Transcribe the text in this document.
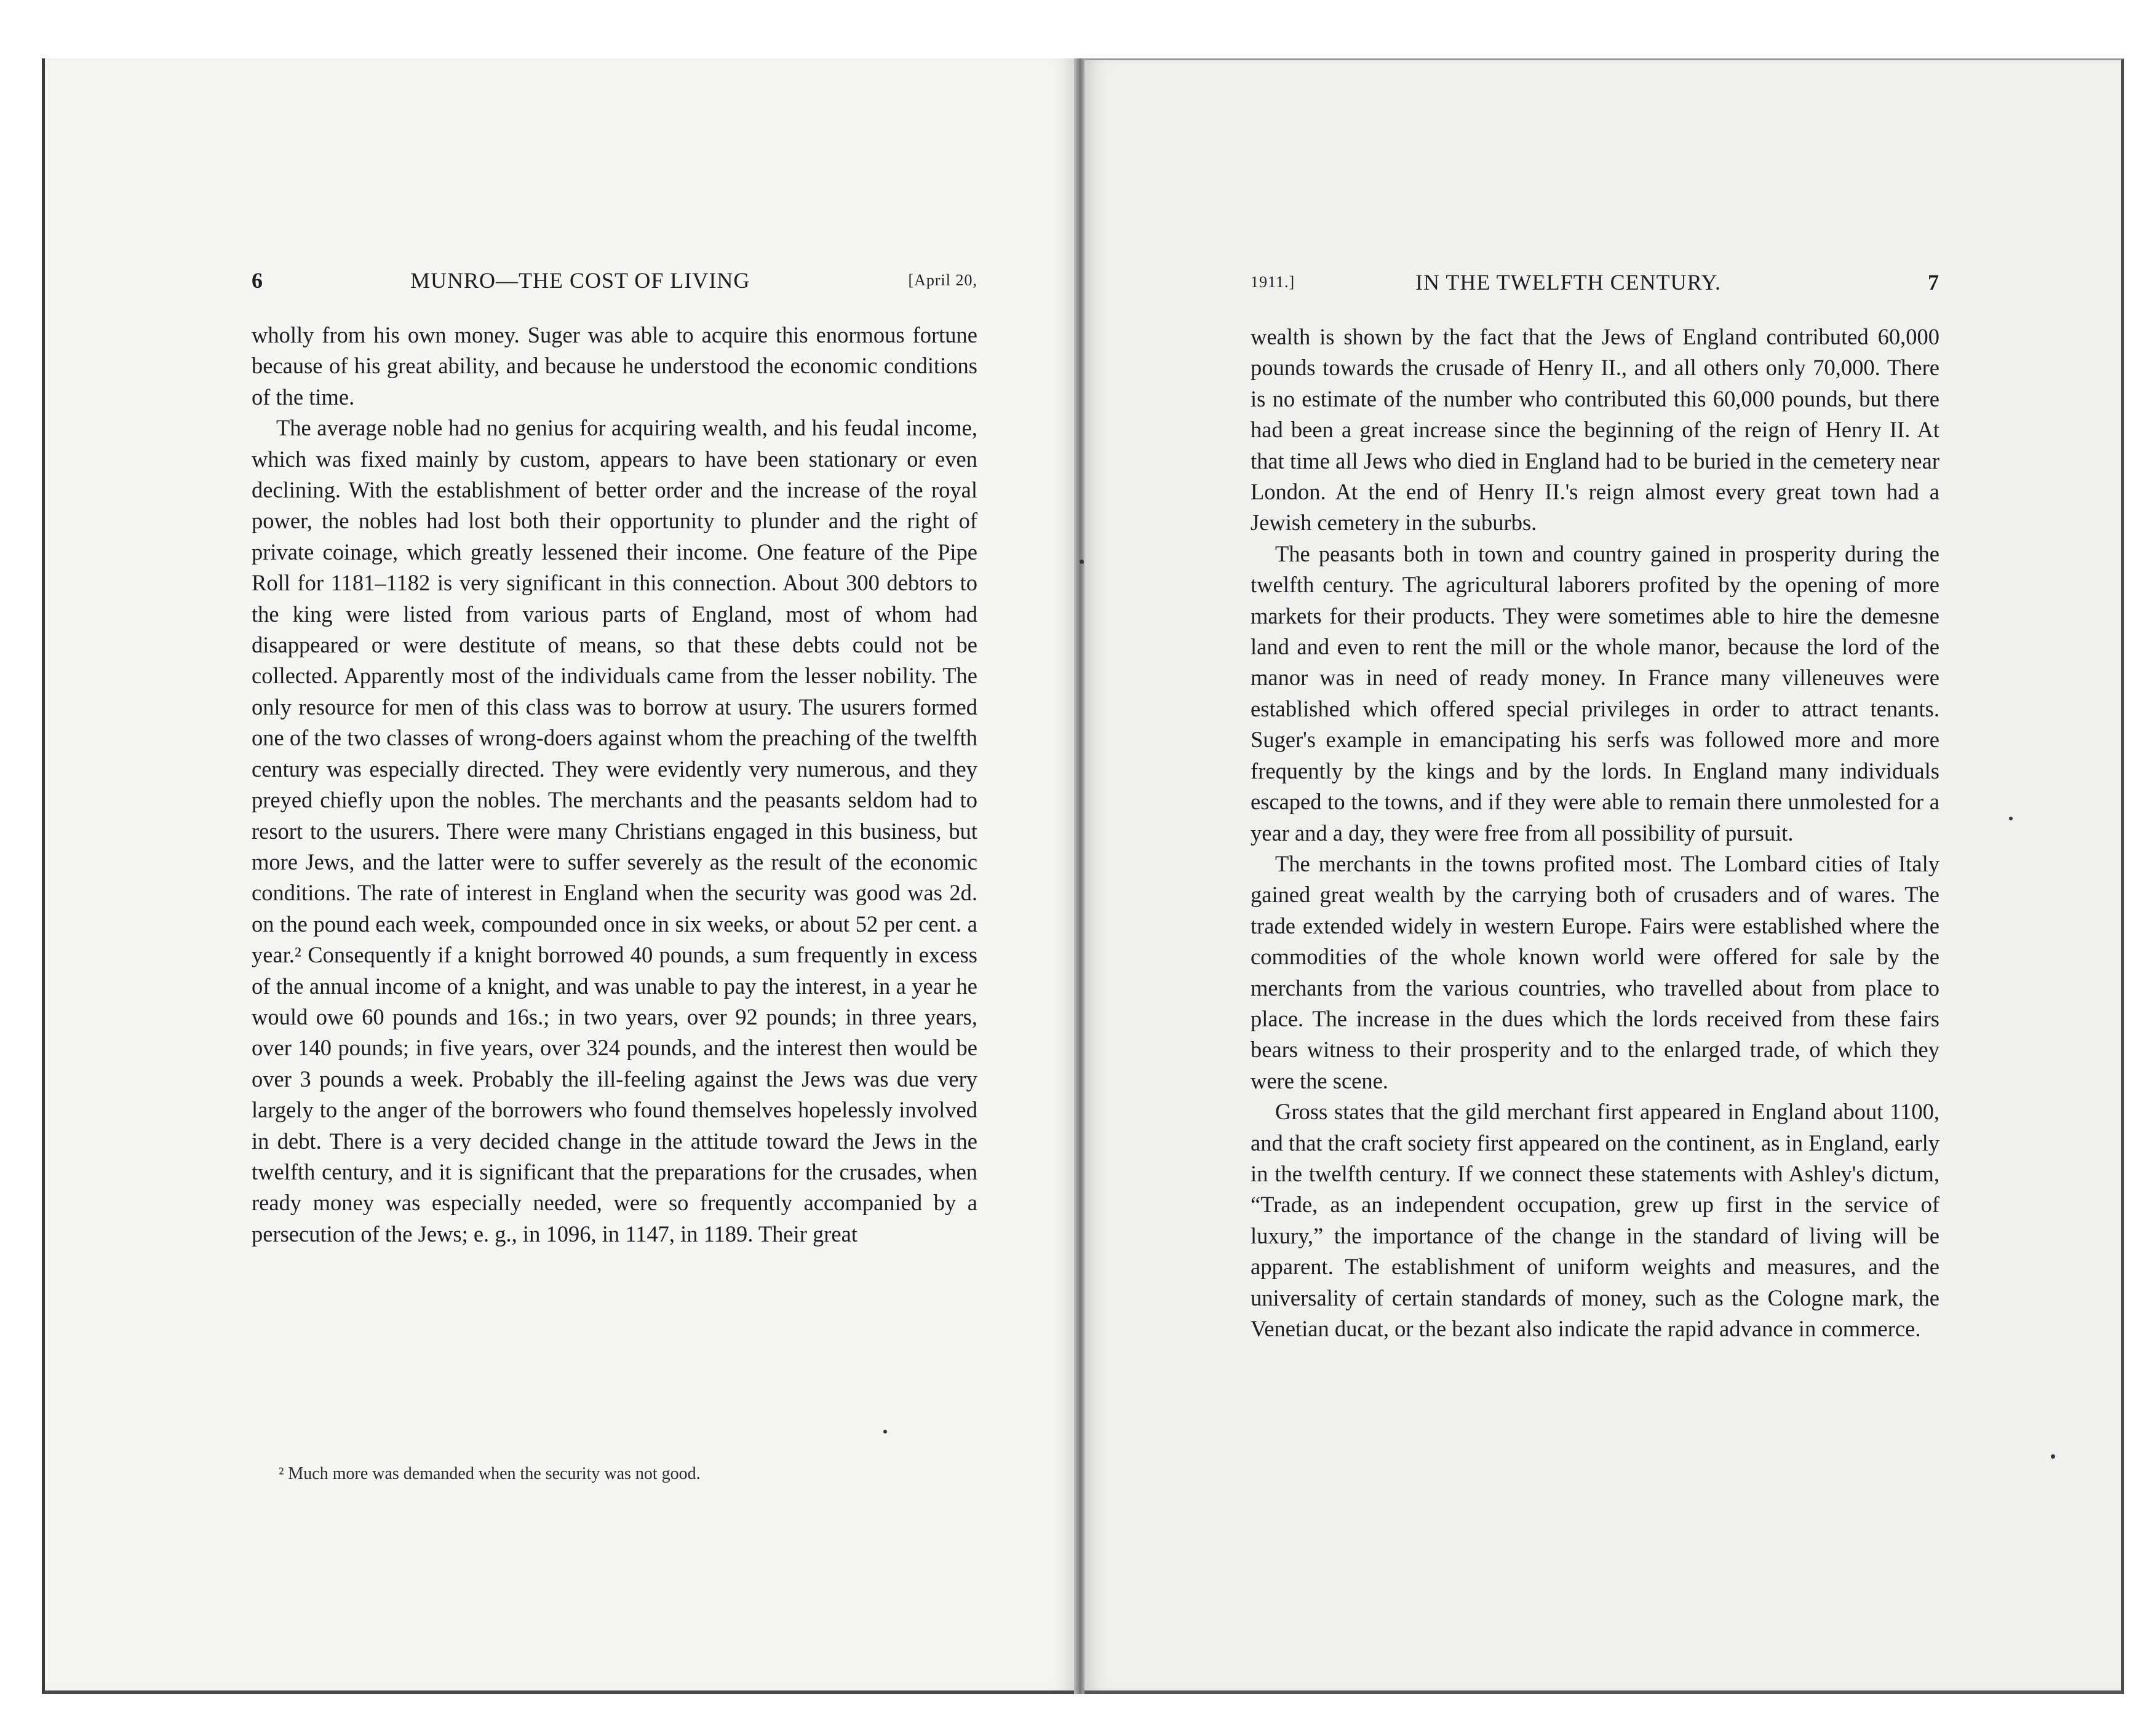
6	MUNRO—THE COST OF LIVING	[April 20,

wholly from his own money. Suger was able to acquire this enormous fortune because of his great ability, and because he understood the economic conditions of the time.

The average noble had no genius for acquiring wealth, and his feudal income, which was fixed mainly by custom, appears to have been stationary or even declining. With the establishment of better order and the increase of the royal power, the nobles had lost both their opportunity to plunder and the right of private coinage, which greatly lessened their income. One feature of the Pipe Roll for 1181–1182 is very significant in this connection. About 300 debtors to the king were listed from various parts of England, most of whom had disappeared or were destitute of means, so that these debts could not be collected. Apparently most of the individuals came from the lesser nobility. The only resource for men of this class was to borrow at usury. The usurers formed one of the two classes of wrong-doers against whom the preaching of the twelfth century was especially directed. They were evidently very numerous, and they preyed chiefly upon the nobles. The merchants and the peasants seldom had to resort to the usurers. There were many Christians engaged in this business, but more Jews, and the latter were to suffer severely as the result of the economic conditions. The rate of interest in England when the security was good was 2d. on the pound each week, compounded once in six weeks, or about 52 per cent. a year.² Consequently if a knight borrowed 40 pounds, a sum frequently in excess of the annual income of a knight, and was unable to pay the interest, in a year he would owe 60 pounds and 16s.; in two years, over 92 pounds; in three years, over 140 pounds; in five years, over 324 pounds, and the interest then would be over 3 pounds a week. Probably the ill-feeling against the Jews was due very largely to the anger of the borrowers who found themselves hopelessly involved in debt. There is a very decided change in the attitude toward the Jews in the twelfth century, and it is significant that the preparations for the crusades, when ready money was especially needed, were so frequently accompanied by a persecution of the Jews; e. g., in 1096, in 1147, in 1189. Their great

² Much more was demanded when the security was not good.
1911.]	IN THE TWELFTH CENTURY.	7

wealth is shown by the fact that the Jews of England contributed 60,000 pounds towards the crusade of Henry II., and all others only 70,000. There is no estimate of the number who contributed this 60,000 pounds, but there had been a great increase since the beginning of the reign of Henry II. At that time all Jews who died in England had to be buried in the cemetery near London. At the end of Henry II.'s reign almost every great town had a Jewish cemetery in the suburbs.

The peasants both in town and country gained in prosperity during the twelfth century. The agricultural laborers profited by the opening of more markets for their products. They were sometimes able to hire the demesne land and even to rent the mill or the whole manor, because the lord of the manor was in need of ready money. In France many villeneuves were established which offered special privileges in order to attract tenants. Suger's example in emancipating his serfs was followed more and more frequently by the kings and by the lords. In England many individuals escaped to the towns, and if they were able to remain there unmolested for a year and a day, they were free from all possibility of pursuit.

The merchants in the towns profited most. The Lombard cities of Italy gained great wealth by the carrying both of crusaders and of wares. The trade extended widely in western Europe. Fairs were established where the commodities of the whole known world were offered for sale by the merchants from the various countries, who travelled about from place to place. The increase in the dues which the lords received from these fairs bears witness to their prosperity and to the enlarged trade, of which they were the scene.

Gross states that the gild merchant first appeared in England about 1100, and that the craft society first appeared on the continent, as in England, early in the twelfth century. If we connect these statements with Ashley's dictum, “Trade, as an independent occupation, grew up first in the service of luxury,” the importance of the change in the standard of living will be apparent. The establishment of uniform weights and measures, and the universality of certain standards of money, such as the Cologne mark, the Venetian ducat, or the bezant also indicate the rapid advance in commerce.
